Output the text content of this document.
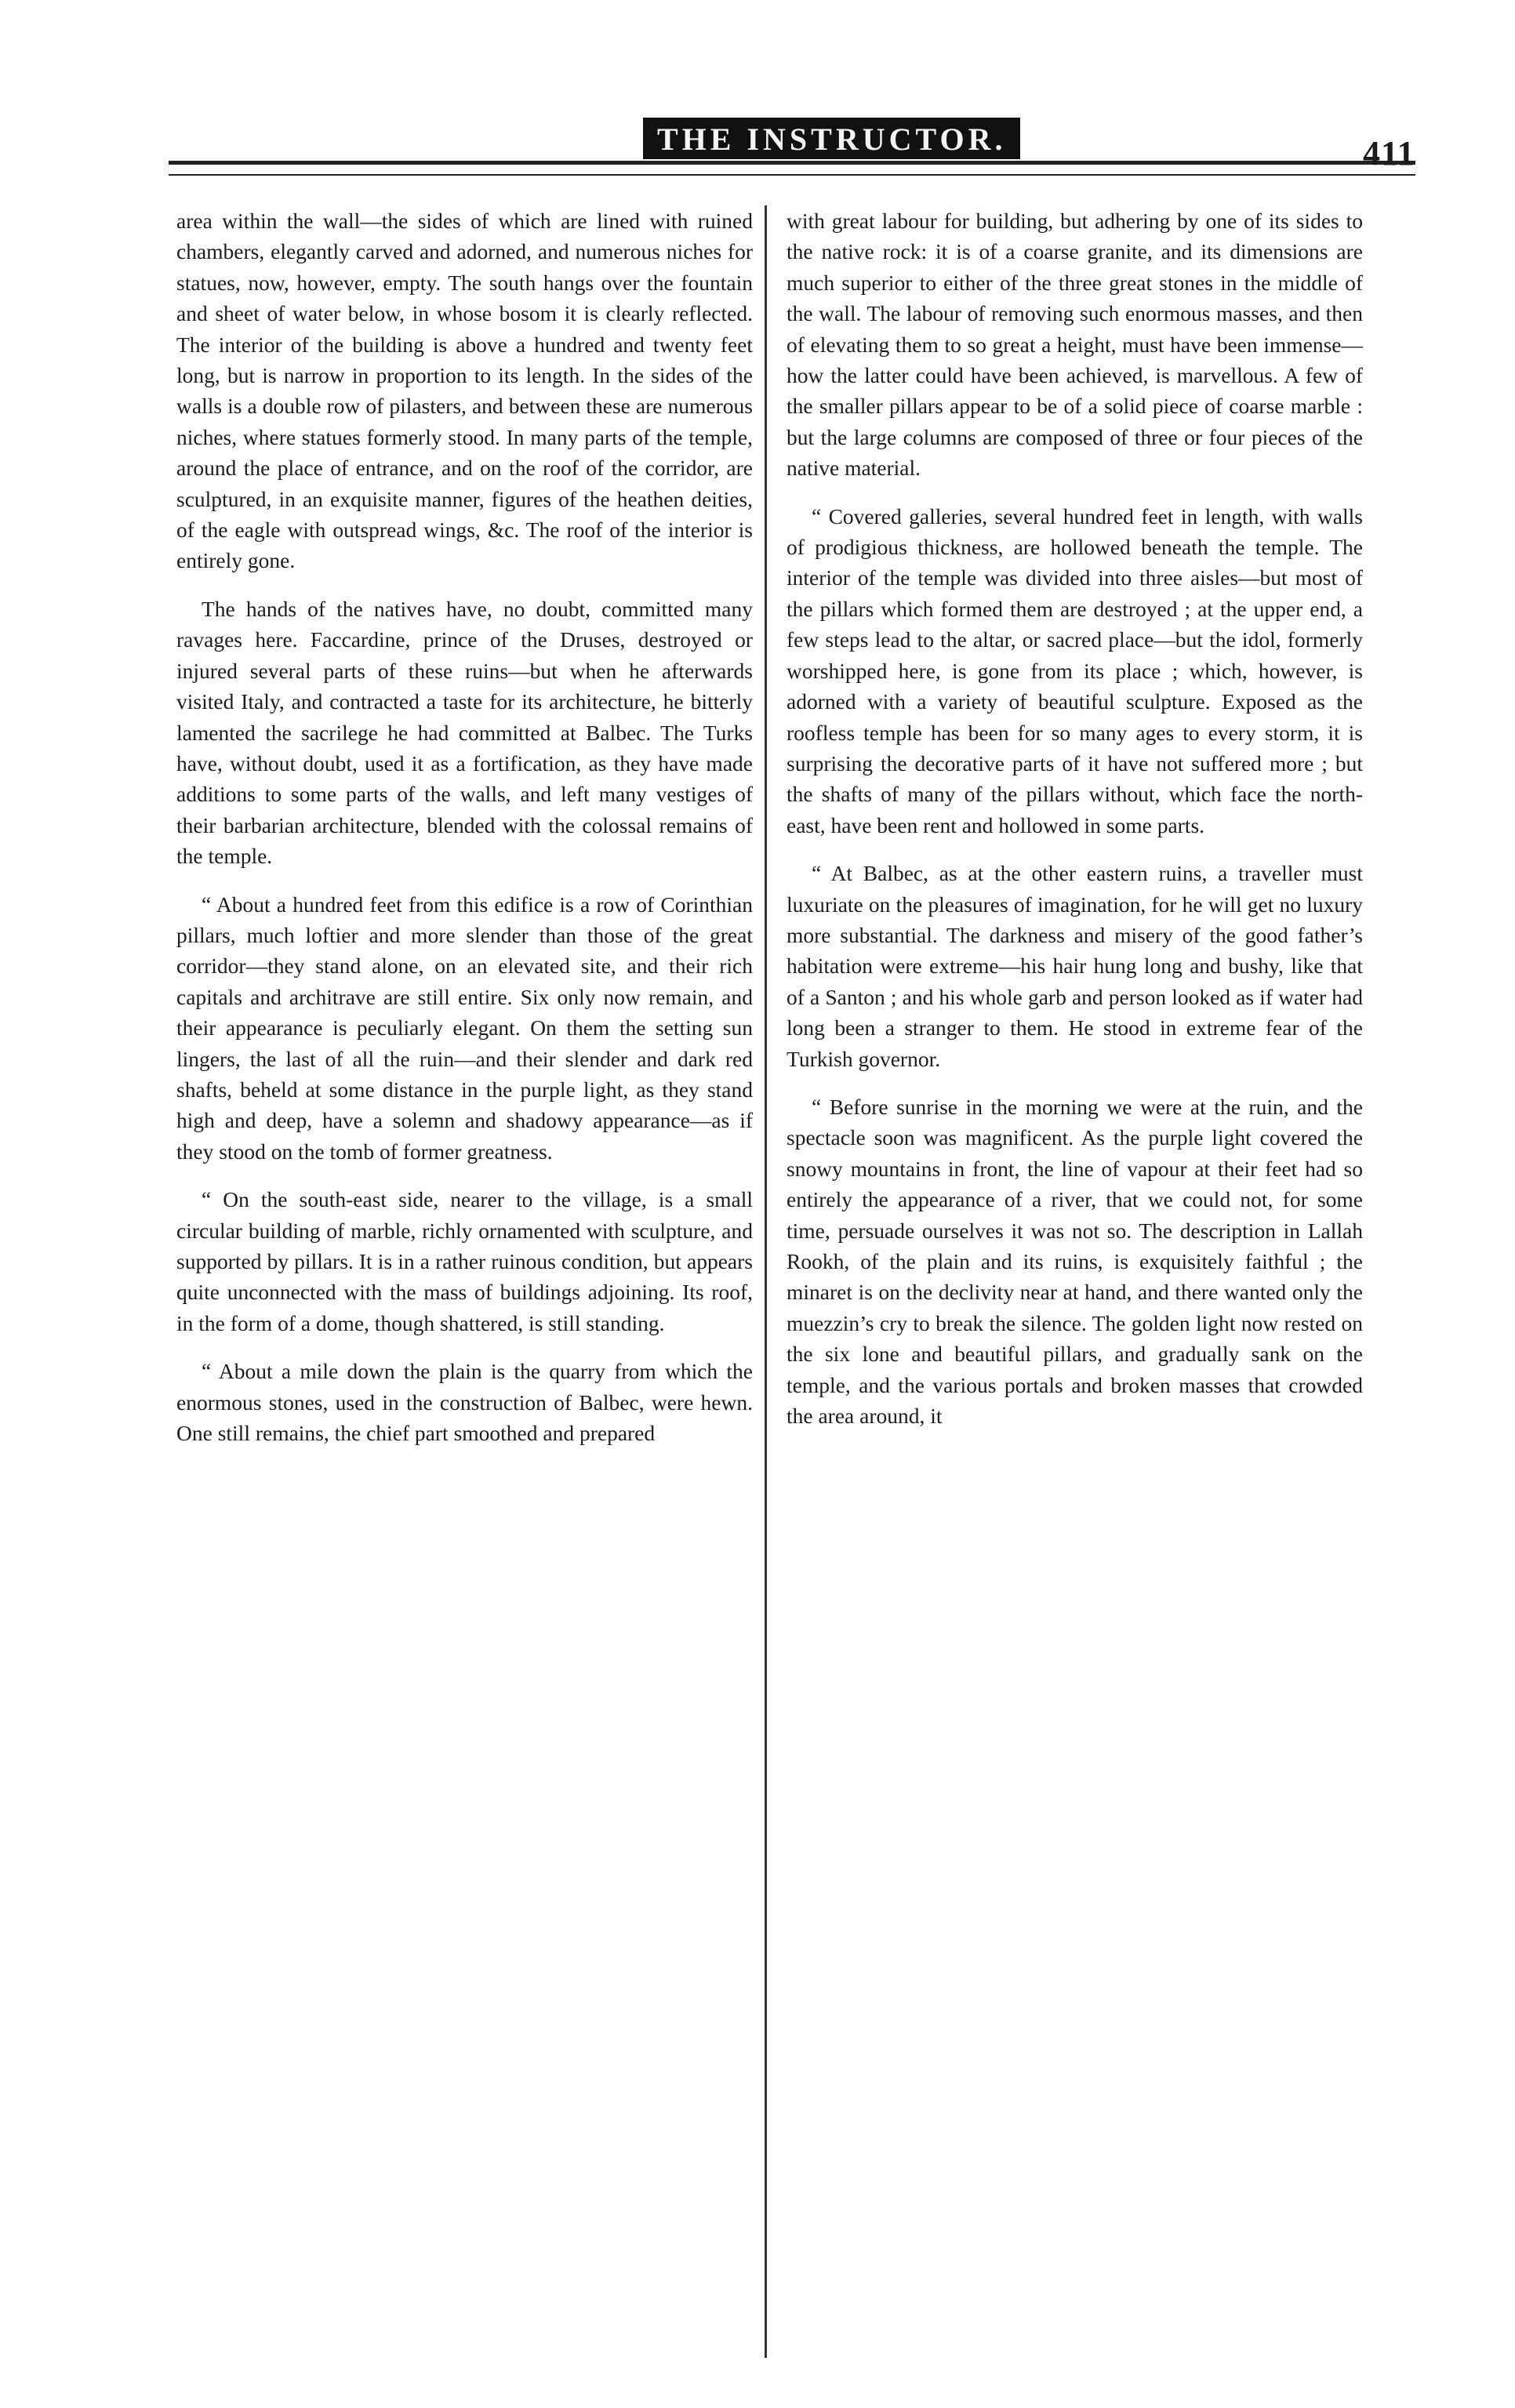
THE INSTRUCTOR.	411

area within the wall—the sides of which are lined with ruined chambers, elegantly carved and adorned, and numerous niches for statues, now, however, empty. The south hangs over the fountain and sheet of water below, in whose bosom it is clearly reflected. The interior of the building is above a hundred and twenty feet long, but is narrow in proportion to its length. In the sides of the walls is a double row of pilasters, and between these are numerous niches, where statues formerly stood. In many parts of the temple, around the place of entrance, and on the roof of the corridor, are sculptured, in an exquisite manner, figures of the heathen deities, of the eagle with outspread wings, &c. The roof of the interior is entirely gone.

The hands of the natives have, no doubt, committed many ravages here. Faccardine, prince of the Druses, destroyed or injured several parts of these ruins—but when he afterwards visited Italy, and contracted a taste for its architecture, he bitterly lamented the sacrilege he had committed at Balbec. The Turks have, without doubt, used it as a fortification, as they have made additions to some parts of the walls, and left many vestiges of their barbarian architecture, blended with the colossal remains of the temple.

“ About a hundred feet from this edifice is a row of Corinthian pillars, much loftier and more slender than those of the great corridor—they stand alone, on an elevated site, and their rich capitals and architrave are still entire. Six only now remain, and their appearance is peculiarly elegant. On them the setting sun lingers, the last of all the ruin—and their slender and dark red shafts, beheld at some distance in the purple light, as they stand high and deep, have a solemn and shadowy appearance—as if they stood on the tomb of former greatness.

“ On the south-east side, nearer to the village, is a small circular building of marble, richly ornamented with sculpture, and supported by pillars. It is in a rather ruinous condition, but appears quite unconnected with the mass of buildings adjoining. Its roof, in the form of a dome, though shattered, is still standing.

“ About a mile down the plain is the quarry from which the enormous stones, used in the construction of Balbec, were hewn. One still remains, the chief part smoothed and prepared

with great labour for building, but adhering by one of its sides to the native rock: it is of a coarse granite, and its dimensions are much superior to either of the three great stones in the middle of the wall. The labour of removing such enormous masses, and then of elevating them to so great a height, must have been immense—how the latter could have been achieved, is marvellous. A few of the smaller pillars appear to be of a solid piece of coarse marble : but the large columns are composed of three or four pieces of the native material.

“ Covered galleries, several hundred feet in length, with walls of prodigious thickness, are hollowed beneath the temple. The interior of the temple was divided into three aisles—but most of the pillars which formed them are destroyed ; at the upper end, a few steps lead to the altar, or sacred place—but the idol, formerly worshipped here, is gone from its place ; which, however, is adorned with a variety of beautiful sculpture. Exposed as the roofless temple has been for so many ages to every storm, it is surprising the decorative parts of it have not suffered more ; but the shafts of many of the pillars without, which face the north-east, have been rent and hollowed in some parts.

“ At Balbec, as at the other eastern ruins, a traveller must luxuriate on the pleasures of imagination, for he will get no luxury more substantial. The darkness and misery of the good father’s habitation were extreme—his hair hung long and bushy, like that of a Santon ; and his whole garb and person looked as if water had long been a stranger to them. He stood in extreme fear of the Turkish governor.

“ Before sunrise in the morning we were at the ruin, and the spectacle soon was magnificent. As the purple light covered the snowy mountains in front, the line of vapour at their feet had so entirely the appearance of a river, that we could not, for some time, persuade ourselves it was not so. The description in Lallah Rookh, of the plain and its ruins, is exquisitely faithful ; the minaret is on the declivity near at hand, and there wanted only the muezzin’s cry to break the silence. The golden light now rested on the six lone and beautiful pillars, and gradually sank on the temple, and the various portals and broken masses that crowded the area around, it
